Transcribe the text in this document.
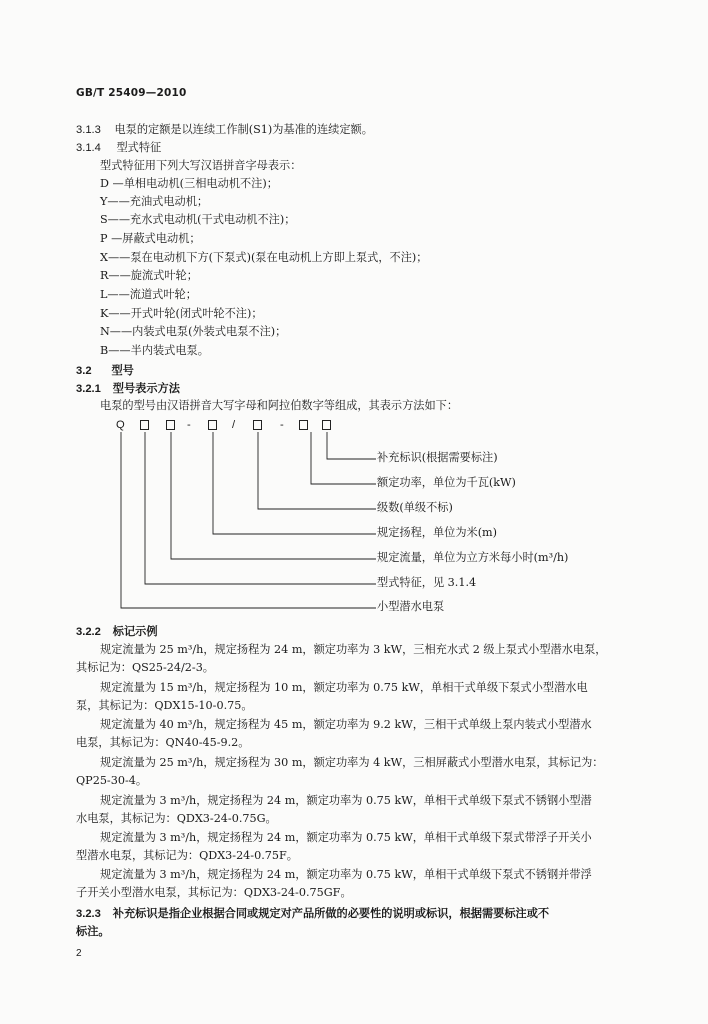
GB/T 25409—2010
3.1.3 电泵的定额是以连续工作制(S1)为基准的连续定额。
3.1.4 型式特征
型式特征用下列大写汉语拼音字母表示：
D —单相电动机(三相电动机不注)；
Y——充油式电动机；
S——充水式电动机(干式电动机不注)；
P —屏蔽式电动机；
X——泵在电动机下方(下泵式)(泵在电动机上方即上泵式，不注)；
R——旋流式叶轮；
L——流道式叶轮；
K——开式叶轮(闭式叶轮不注)；
N——内装式电泵(外装式电泵不注)；
B——半内装式电泵。
3.2 型号
3.2.1 型号表示方法
电泵的型号由汉语拼音大写字母和阿拉伯数字等组成，其表示方法如下：
Q	-	/	-
补充标识(根据需要标注)
额定功率，单位为千瓦(kW)
级数(单级不标)
规定扬程，单位为米(m)
规定流量，单位为立方米每小时(m³/h)
型式特征，见 3.1.4
小型潜水电泵
3.2.2 标记示例
规定流量为 25 m³/h，规定扬程为 24 m，额定功率为 3 kW，三相充水式 2 级上泵式小型潜水电泵，
其标记为：QS25-24/2-3。
规定流量为 15 m³/h，规定扬程为 10 m，额定功率为 0.75 kW，单相干式单级下泵式小型潜水电
泵，其标记为：QDX15-10-0.75。
规定流量为 40 m³/h，规定扬程为 45 m，额定功率为 9.2 kW，三相干式单级上泵内装式小型潜水
电泵，其标记为：QN40-45-9.2。
规定流量为 25 m³/h，规定扬程为 30 m，额定功率为 4 kW，三相屏蔽式小型潜水电泵，其标记为：
QP25-30-4。
规定流量为 3 m³/h，规定扬程为 24 m，额定功率为 0.75 kW，单相干式单级下泵式不锈钢小型潜
水电泵，其标记为：QDX3-24-0.75G。
规定流量为 3 m³/h，规定扬程为 24 m，额定功率为 0.75 kW，单相干式单级下泵式带浮子开关小
型潜水电泵，其标记为：QDX3-24-0.75F。
规定流量为 3 m³/h，规定扬程为 24 m，额定功率为 0.75 kW，单相干式单级下泵式不锈钢并带浮
子开关小型潜水电泵，其标记为：QDX3-24-0.75GF。
3.2.3 补充标识是指企业根据合同或规定对产品所做的必要性的说明或标识，根据需要标注或不
标注。
2
